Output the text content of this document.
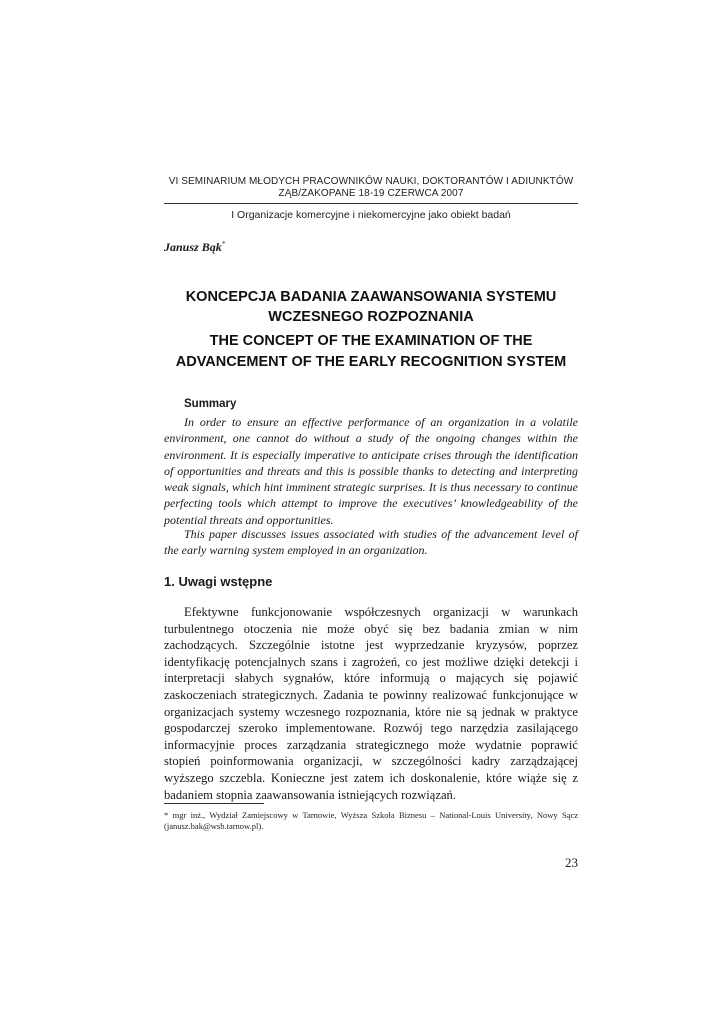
VI SEMINARIUM MŁODYCH PRACOWNIKÓW NAUKI, DOKTORANTÓW I ADIUNKTÓW
ZĄB/ZAKOPANE 18-19 CZERWCA 2007
I Organizacje komercyjne i niekomercyjne jako obiekt badań
Janusz Bąk*
KONCEPCJA BADANIA ZAAWANSOWANIA SYSTEMU WCZESNEGO ROZPOZNANIA
THE CONCEPT OF THE EXAMINATION OF THE ADVANCEMENT OF THE EARLY RECOGNITION SYSTEM
Summary

In order to ensure an effective performance of an organization in a volatile environment, one cannot do without a study of the ongoing changes within the environment. It is especially imperative to anticipate crises through the identification of opportunities and threats and this is possible thanks to detecting and interpreting weak signals, which hint imminent strategic surprises. It is thus necessary to continue perfecting tools which attempt to improve the executives’ knowledgeability of the potential threats and opportunities.

This paper discusses issues associated with studies of the advancement level of the early warning system employed in an organization.

1. Uwagi wstępne

Efektywne funkcjonowanie współczesnych organizacji w warunkach turbulentnego otoczenia nie może obyć się bez badania zmian w nim zachodzących. Szczególnie istotne jest wyprzedzanie kryzysów, poprzez identyfikację potencjalnych szans i zagrożeń, co jest możliwe dzięki detekcji i interpretacji słabych sygnałów, które informują o mających się pojawić zaskoczeniach strategicznych. Zadania te powinny realizować funkcjonujące w organizacjach systemy wczesnego rozpoznania, które nie są jednak w praktyce gospodarczej szeroko implementowane. Rozwój tego narzędzia zasilającego informacyjnie proces zarządzania strategicznego może wydatnie poprawić stopień poinformowania organizacji, w szczególności kadry zarządzającej wyższego szczebla. Konieczne jest zatem ich doskonalenie, które wiąże się z badaniem stopnia zaawansowania istniejących rozwiązań.

* mgr inż., Wydział Zamiejscowy w Tarnowie, Wyższa Szkoła Biznesu – National-Louis University, Nowy Sącz (janusz.bak@wsb.tarnow.pl).

23
